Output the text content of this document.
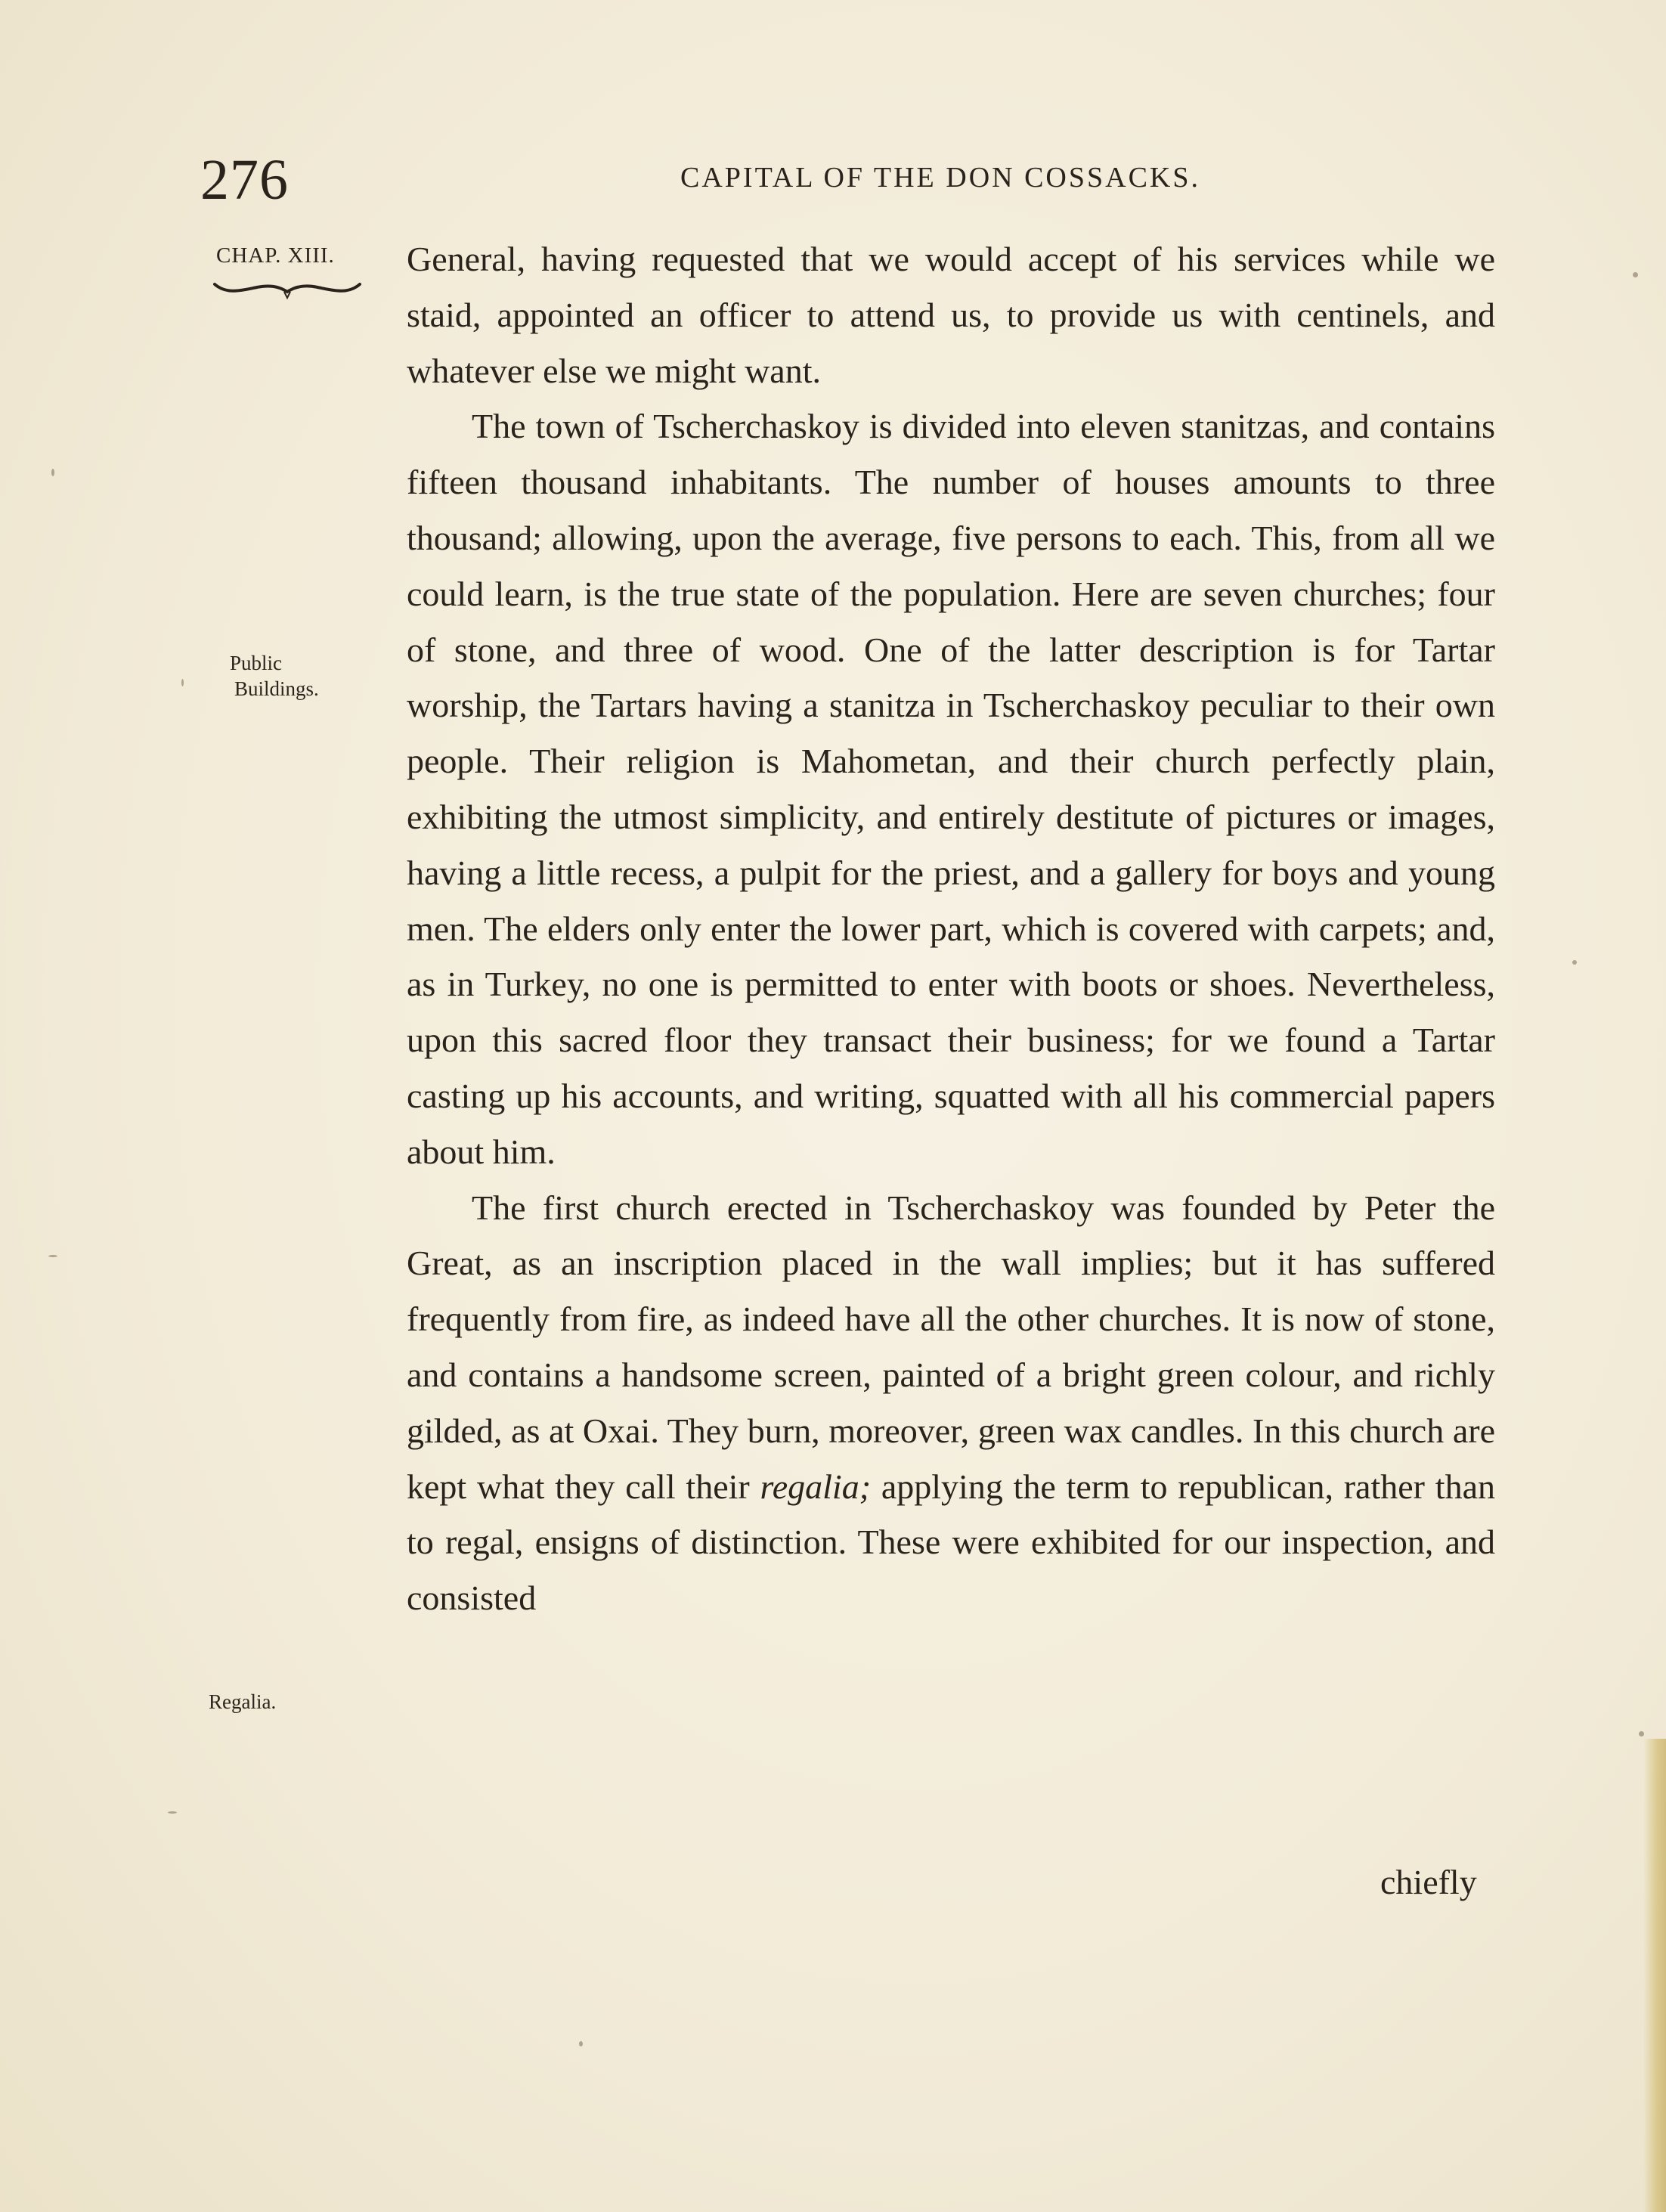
276	CAPITAL OF THE DON COSSACKS.
CHAP. XIII.
Public
Buildings.
Regalia.

General, having requested that we would accept of his services while we staid, appointed an officer to attend us, to provide us with centinels, and whatever else we might want.

The town of Tscherchaskoy is divided into eleven stanitzas, and contains fifteen thousand inhabitants. The number of houses amounts to three thousand; allowing, upon the average, five persons to each. This, from all we could learn, is the true state of the population. Here are seven churches; four of stone, and three of wood. One of the latter description is for Tartar worship, the Tartars having a stanitza in Tscherchaskoy peculiar to their own people. Their religion is Mahometan, and their church perfectly plain, exhibiting the utmost simplicity, and entirely destitute of pictures or images, having a little recess, a pulpit for the priest, and a gallery for boys and young men. The elders only enter the lower part, which is covered with carpets; and, as in Turkey, no one is permitted to enter with boots or shoes. Nevertheless, upon this sacred floor they transact their business; for we found a Tartar casting up his accounts, and writing, squatted with all his commercial papers about him.

The first church erected in Tscherchaskoy was founded by Peter the Great, as an inscription placed in the wall implies; but it has suffered frequently from fire, as indeed have all the other churches. It is now of stone, and contains a handsome screen, painted of a bright green colour, and richly gilded, as at Oxai. They burn, moreover, green wax candles. In this church are kept what they call their regalia; applying the term to republican, rather than to regal, ensigns of distinction. These were exhibited for our inspection, and consisted

chiefly
